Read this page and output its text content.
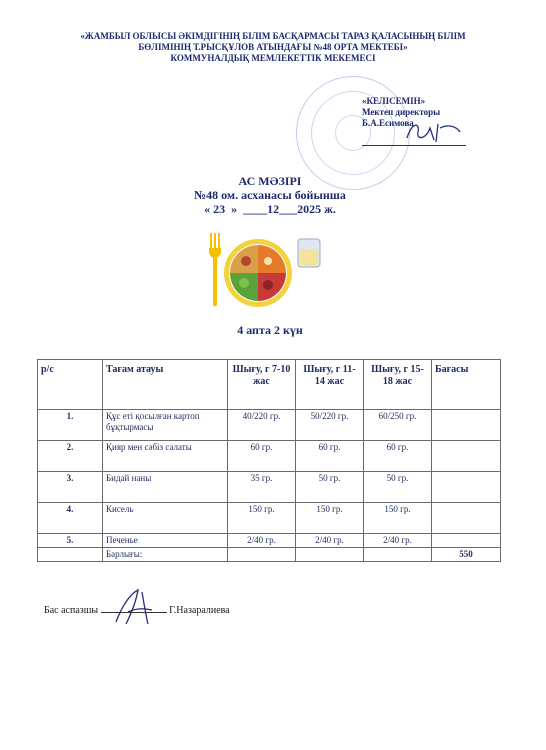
«ЖАМБЫЛ ОБЛЫСЫ ӘКІМДІГІНІҢ БІЛІМ БАСҚАРМАСЫ ТАРАЗ ҚАЛАСЫНЫҢ БІЛІМ
БӨЛІМІНІҢ Т.РЫСҚҰЛОВ АТЫНДАҒЫ №48 ОРТА МЕКТЕБІ»
КОММУНАЛДЫҚ МЕМЛЕКЕТТІК МЕКЕМЕСІ
«КЕЛІСЕМІН»
Мектеп директоры
Б.А.Есимова
АС МӘЗІРІ
№48 ом. асханасы бойынша
« 23  »  ____12___2025 ж.
4 апта 2 күн
р/с	Тағам атауы	Шығу, г 7-10 жас	Шығу, г 11-14 жас	Шығу, г 15-18 жас	Бағасы
1.	Құс еті қосылған картоп бұқтырмасы	40/220 гр.	50/220 гр.	60/250 гр.	
2.	Қияр мен сәбіз салаты	60 гр.	60 гр.	60 гр.	
3.	Бидай наны	35 гр.	50 гр.	50 гр.	
4.	Кисель	150 гр.	150 гр.	150 гр.	
5.	Печенье	2/40 гр.	2/40 гр.	2/40 гр.	
	Барлығы:				550
Бас аспазшы	Г.Назаралиева
